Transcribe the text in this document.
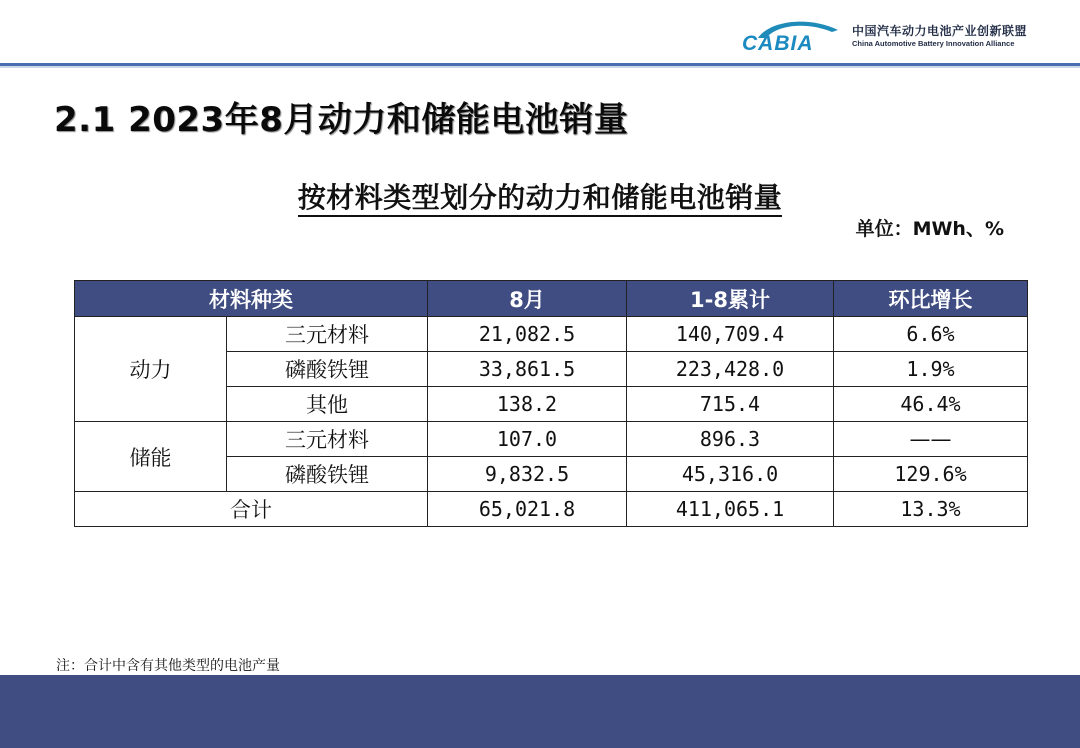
CABIA
中国汽车动力电池产业创新联盟
China Automotive Battery Innovation Alliance
2.1 2023年8月动力和储能电池销量
按材料类型划分的动力和储能电池销量
单位：MWh、%
材料种类		8月	1-8累计	环比增长
动力	三元材料	21,082.5	140,709.4	6.6%
	磷酸铁锂	33,861.5	223,428.0	1.9%
	其他	138.2	715.4	46.4%
储能	三元材料	107.0	896.3	——
	磷酸铁锂	9,832.5	45,316.0	129.6%
合计		65,021.8	411,065.1	13.3%
注：合计中含有其他类型的电池产量
